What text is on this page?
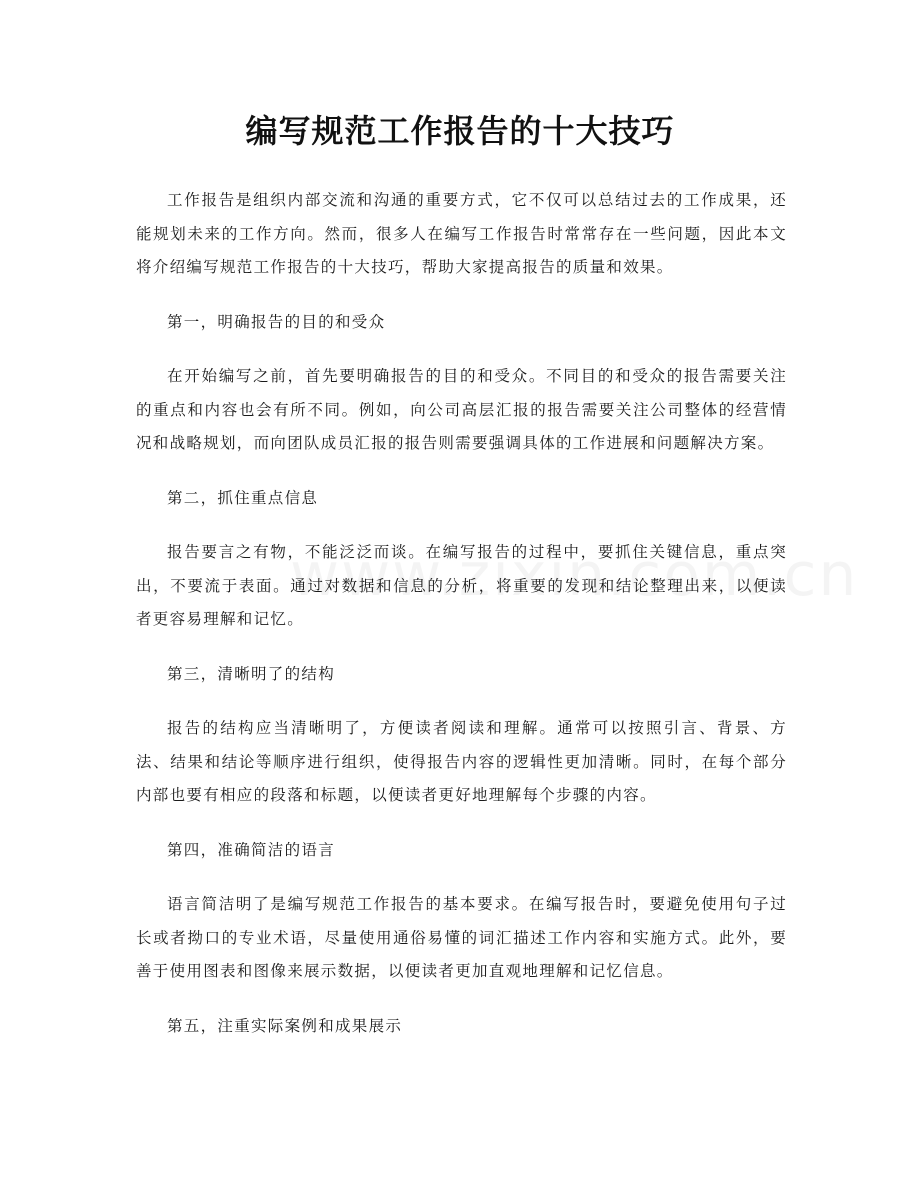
编写规范工作报告的十大技巧

工作报告是组织内部交流和沟通的重要方式，它不仅可以总结过去的工作成果，还能规划未来的工作方向。然而，很多人在编写工作报告时常常存在一些问题，因此本文将介绍编写规范工作报告的十大技巧，帮助大家提高报告的质量和效果。

第一，明确报告的目的和受众

在开始编写之前，首先要明确报告的目的和受众。不同目的和受众的报告需要关注的重点和内容也会有所不同。例如，向公司高层汇报的报告需要关注公司整体的经营情况和战略规划，而向团队成员汇报的报告则需要强调具体的工作进展和问题解决方案。

第二，抓住重点信息

报告要言之有物，不能泛泛而谈。在编写报告的过程中，要抓住关键信息，重点突出，不要流于表面。通过对数据和信息的分析，将重要的发现和结论整理出来，以便读者更容易理解和记忆。

第三，清晰明了的结构

报告的结构应当清晰明了，方便读者阅读和理解。通常可以按照引言、背景、方法、结果和结论等顺序进行组织，使得报告内容的逻辑性更加清晰。同时，在每个部分内部也要有相应的段落和标题，以便读者更好地理解每个步骤的内容。

第四，准确简洁的语言

语言简洁明了是编写规范工作报告的基本要求。在编写报告时，要避免使用句子过长或者拗口的专业术语，尽量使用通俗易懂的词汇描述工作内容和实施方式。此外，要善于使用图表和图像来展示数据，以便读者更加直观地理解和记忆信息。

第五，注重实际案例和成果展示
